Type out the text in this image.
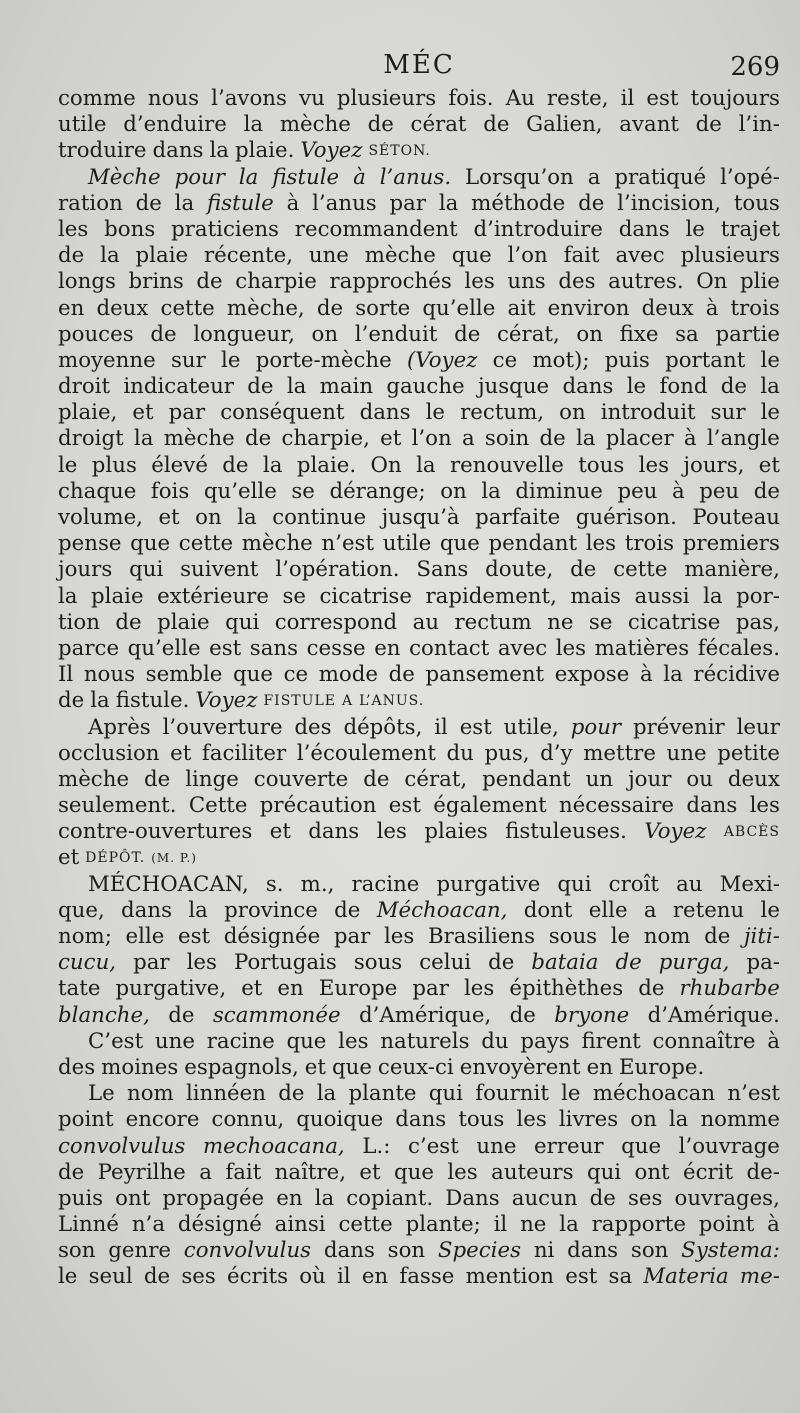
MÉC	269
comme nous l’avons vu plusieurs fois. Au reste, il est toujours
utile d’enduire la mèche de cérat de Galien, avant de l’in-
troduire dans la plaie. Voyez SÉTON.
Mèche pour la fistule à l’anus. Lorsqu’on a pratiqué l’opé-
ration de la fistule à l’anus par la méthode de l’incision, tous
les bons praticiens recommandent d’introduire dans le trajet
de la plaie récente, une mèche que l’on fait avec plusieurs
longs brins de charpie rapprochés les uns des autres. On plie
en deux cette mèche, de sorte qu’elle ait environ deux à trois
pouces de longueur, on l’enduit de cérat, on fixe sa partie
moyenne sur le porte-mèche (Voyez ce mot); puis portant le
droit indicateur de la main gauche jusque dans le fond de la
plaie, et par conséquent dans le rectum, on introduit sur le
droigt la mèche de charpie, et l’on a soin de la placer à l’angle
le plus élevé de la plaie. On la renouvelle tous les jours, et
chaque fois qu’elle se dérange; on la diminue peu à peu de
volume, et on la continue jusqu’à parfaite guérison. Pouteau
pense que cette mèche n’est utile que pendant les trois premiers
jours qui suivent l’opération. Sans doute, de cette manière,
la plaie extérieure se cicatrise rapidement, mais aussi la por-
tion de plaie qui correspond au rectum ne se cicatrise pas,
parce qu’elle est sans cesse en contact avec les matières fécales.
Il nous semble que ce mode de pansement expose à la récidive
de la fistule. Voyez FISTULE A L’ANUS.
Après l’ouverture des dépôts, il est utile, pour prévenir leur
occlusion et faciliter l’écoulement du pus, d’y mettre une petite
mèche de linge couverte de cérat, pendant un jour ou deux
seulement. Cette précaution est également nécessaire dans les
contre-ouvertures et dans les plaies fistuleuses. Voyez ABCÈS
et DÉPÔT. (M. P.)
MÉCHOACAN, s. m., racine purgative qui croît au Mexi-
que, dans la province de Méchoacan, dont elle a retenu le
nom; elle est désignée par les Brasiliens sous le nom de jiti-
cucu, par les Portugais sous celui de bataia de purga, pa-
tate purgative, et en Europe par les épithèthes de rhubarbe
blanche, de scammonée d’Amérique, de bryone d’Amérique.
C’est une racine que les naturels du pays firent connaître à
des moines espagnols, et que ceux-ci envoyèrent en Europe.
Le nom linnéen de la plante qui fournit le méchoacan n’est
point encore connu, quoique dans tous les livres on la nomme
convolvulus mechoacana, L.: c’est une erreur que l’ouvrage
de Peyrilhe a fait naître, et que les auteurs qui ont écrit de-
puis ont propagée en la copiant. Dans aucun de ses ouvrages,
Linné n’a désigné ainsi cette plante; il ne la rapporte point à
son genre convolvulus dans son Species ni dans son Systema:
le seul de ses écrits où il en fasse mention est sa Materia me-
